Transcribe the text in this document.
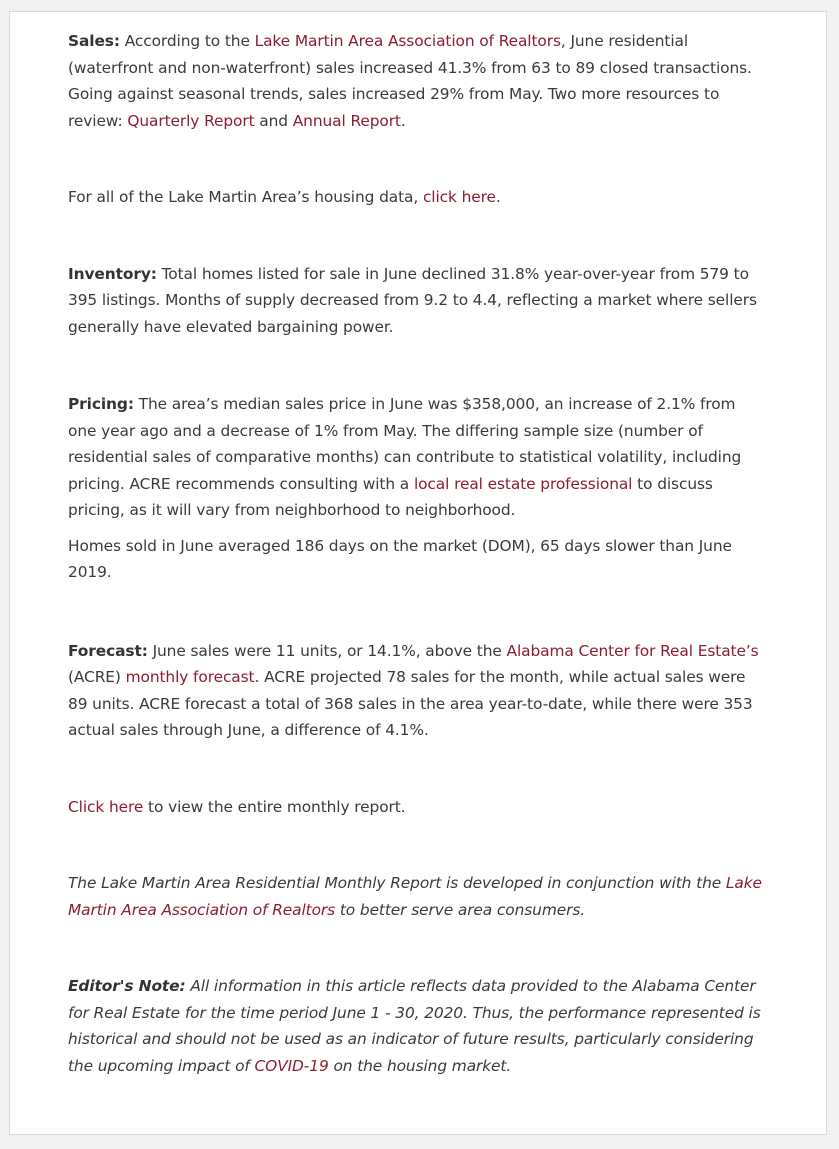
Sales: According to the Lake Martin Area Association of Realtors, June residential (waterfront and non-waterfront) sales increased 41.3% from 63 to 89 closed transactions. Going against seasonal trends, sales increased 29% from May. Two more resources to review: Quarterly Report and Annual Report.

For all of the Lake Martin Area’s housing data, click here.

Inventory: Total homes listed for sale in June declined 31.8% year-over-year from 579 to 395 listings. Months of supply decreased from 9.2 to 4.4, reflecting a market where sellers generally have elevated bargaining power.

Pricing: The area’s median sales price in June was $358,000, an increase of 2.1% from one year ago and a decrease of 1% from May. The differing sample size (number of residential sales of comparative months) can contribute to statistical volatility, including pricing. ACRE recommends consulting with a local real estate professional to discuss pricing, as it will vary from neighborhood to neighborhood.

Homes sold in June averaged 186 days on the market (DOM), 65 days slower than June 2019.

Forecast: June sales were 11 units, or 14.1%, above the Alabama Center for Real Estate’s (ACRE) monthly forecast. ACRE projected 78 sales for the month, while actual sales were 89 units. ACRE forecast a total of 368 sales in the area year-to-date, while there were 353 actual sales through June, a difference of 4.1%.

Click here to view the entire monthly report.

The Lake Martin Area Residential Monthly Report is developed in conjunction with the Lake Martin Area Association of Realtors to better serve area consumers.

Editor's Note: All information in this article reflects data provided to the Alabama Center for Real Estate for the time period June 1 - 30, 2020. Thus, the performance represented is historical and should not be used as an indicator of future results, particularly considering the upcoming impact of COVID-19 on the housing market.
